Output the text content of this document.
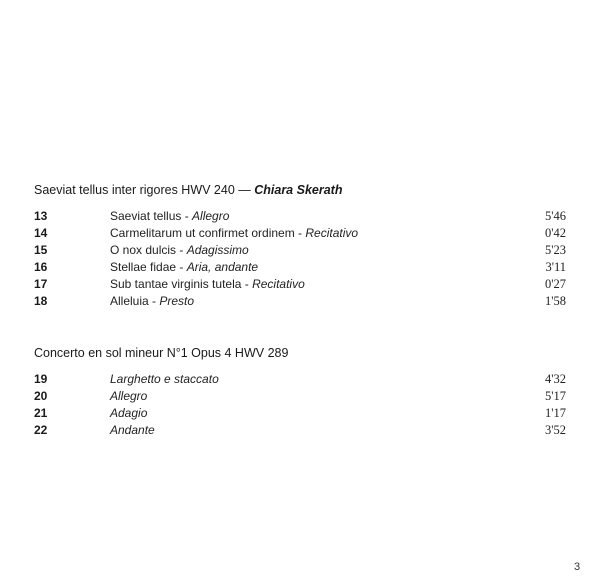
Saeviat tellus inter rigores HWV 240 — Chiara Skerath
13	Saeviat tellus - Allegro	5'46
14	Carmelitarum ut confirmet ordinem - Recitativo	0'42
15	O nox dulcis - Adagissimo	5'23
16	Stellae fidae - Aria, andante	3'11
17	Sub tantae virginis tutela - Recitativo	0'27
18	Alleluia - Presto	1'58
Concerto en sol mineur N°1 Opus 4 HWV 289
19	Larghetto e staccato	4'32
20	Allegro	5'17
21	Adagio	1'17
22	Andante	3'52
3
